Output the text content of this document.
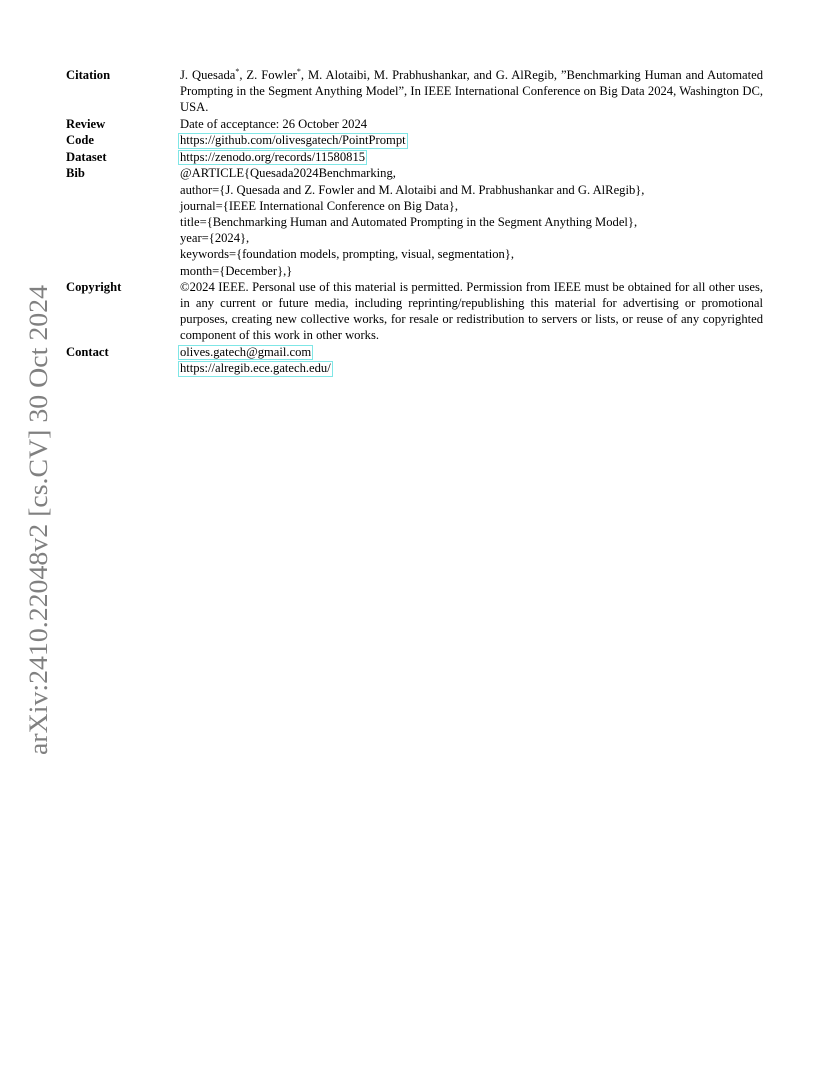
arXiv:2410.22048v2 [cs.CV] 30 Oct 2024
Citation	J. Quesada*, Z. Fowler*, M. Alotaibi, M. Prabhushankar, and G. AlRegib, ”Benchmarking Human and Automated Prompting in the Segment Anything Model”, In IEEE International Conference on Big Data 2024, Washington DC, USA.
Review	Date of acceptance: 26 October 2024
Code	https://github.com/olivesgatech/PointPrompt
Dataset	https://zenodo.org/records/11580815
Bib	@ARTICLE{Quesada2024Benchmarking,
author={J. Quesada and Z. Fowler and M. Alotaibi and M. Prabhushankar and G. AlRegib},
journal={IEEE International Conference on Big Data},
title={Benchmarking Human and Automated Prompting in the Segment Anything Model},
year={2024},
keywords={foundation models, prompting, visual, segmentation},
month={December},}
Copyright	©2024 IEEE. Personal use of this material is permitted. Permission from IEEE must be obtained for all other uses, in any current or future media, including reprinting/republishing this material for advertising or promotional purposes, creating new collective works, for resale or redistribution to servers or lists, or reuse of any copyrighted component of this work in other works.
Contact	olives.gatech@gmail.com
https://alregib.ece.gatech.edu/
